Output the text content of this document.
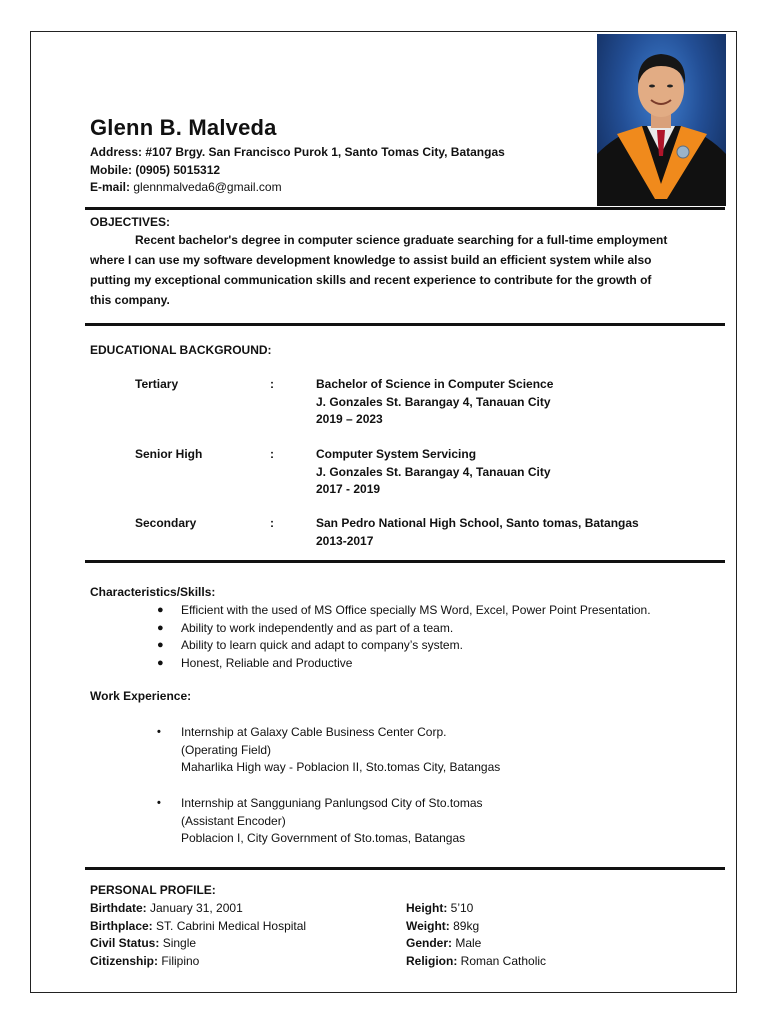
Glenn B. Malveda
Address: #107 Brgy. San Francisco Purok 1, Santo Tomas City, Batangas
Mobile: (0905) 5015312
E-mail: glennmalveda6@gmail.com
OBJECTIVES:
Recent bachelor's degree in computer science graduate searching for a full-time employment
where I can use my software development knowledge to assist build an efficient system while also
putting my exceptional communication skills and recent experience to contribute for the growth of
this company.
EDUCATIONAL BACKGROUND:
Tertiary	:	Bachelor of Science in Computer Science
J. Gonzales St. Barangay 4, Tanauan City
2019 – 2023
Senior High	:	Computer System Servicing
J. Gonzales St. Barangay 4, Tanauan City
2017 - 2019
Secondary	:	San Pedro National High School, Santo tomas, Batangas
2013-2017
Characteristics/Skills:
● Efficient with the used of MS Office specially MS Word, Excel, Power Point Presentation.
● Ability to work independently and as part of a team.
● Ability to learn quick and adapt to company’s system.
● Honest, Reliable and Productive
Work Experience:
• Internship at Galaxy Cable Business Center Corp.
(Operating Field)
Maharlika High way - Poblacion II, Sto.tomas City, Batangas
• Internship at Sangguniang Panlungsod City of Sto.tomas
(Assistant Encoder)
Poblacion I, City Government of Sto.tomas, Batangas
PERSONAL PROFILE:
Birthdate: January 31, 2001
Birthplace: ST. Cabrini Medical Hospital
Civil Status: Single
Citizenship: Filipino
Height: 5’10
Weight: 89kg
Gender: Male
Religion: Roman Catholic
